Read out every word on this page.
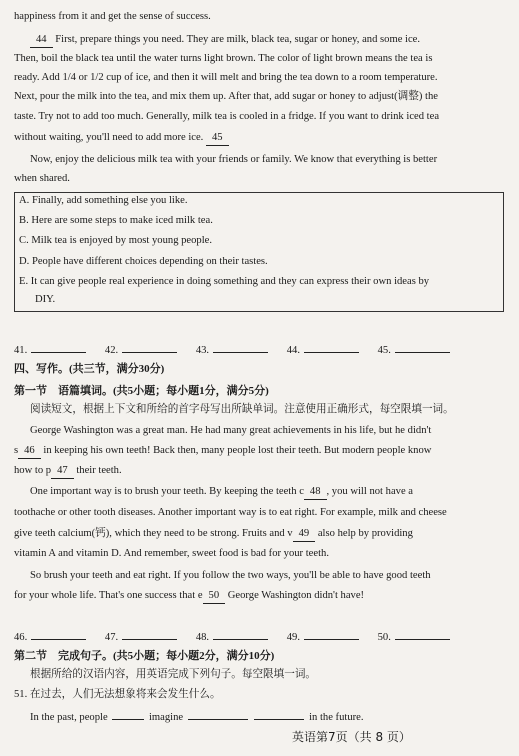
happiness from it and get the sense of success.
44 First, prepare things you need. They are milk, black tea, sugar or honey, and some ice.
Then, boil the black tea until the water turns light brown. The color of light brown means the tea is
ready. Add 1/4 or 1/2 cup of ice, and then it will melt and bring the tea down to a room temperature.
Next, pour the milk into the tea, and mix them up. After that, add sugar or honey to adjust(调整) the
taste. Try not to add too much. Generally, milk tea is cooled in a fridge. If you want to drink iced tea
without waiting, you'll need to add more ice. 45
Now, enjoy the delicious milk tea with your friends or family. We know that everything is better
when shared.
A. Finally, add something else you like.
B. Here are some steps to make iced milk tea.
C. Milk tea is enjoyed by most young people.
D. People have different choices depending on their tastes.
E. It can give people real experience in doing something and they can express their own ideas by
DIY.
41.	42.	43.	44.	45.
四、写作。(共三节，满分30分)
第一节　语篇填词。(共5小题；每小题1分，满分5分)
阅读短文，根据上下文和所给的首字母写出所缺单词。注意使用正确形式，每空限填一词。
George Washington was a great man. He had many great achievements in his life, but he didn't
s 46 in keeping his own teeth! Back then, many people lost their teeth. But modern people know
how to p 47 their teeth.
One important way is to brush your teeth. By keeping the teeth c 48 , you will not have a
toothache or other tooth diseases. Another important way is to eat right. For example, milk and cheese
give teeth calcium(钙), which they need to be strong. Fruits and v 49 also help by providing
vitamin A and vitamin D. And remember, sweet food is bad for your teeth.
So brush your teeth and eat right. If you follow the two ways, you'll be able to have good teeth
for your whole life. That's one success that e 50 George Washington didn't have!
46.	47.	48.	49.	50.
第二节　完成句子。(共5小题；每小题2分，满分10分)
根据所给的汉语内容，用英语完成下列句子。每空限填一词。
51. 在过去，人们无法想象将来会发生什么。
In the past, people	imagine	in the future.
英语第7页（共 8 页）
